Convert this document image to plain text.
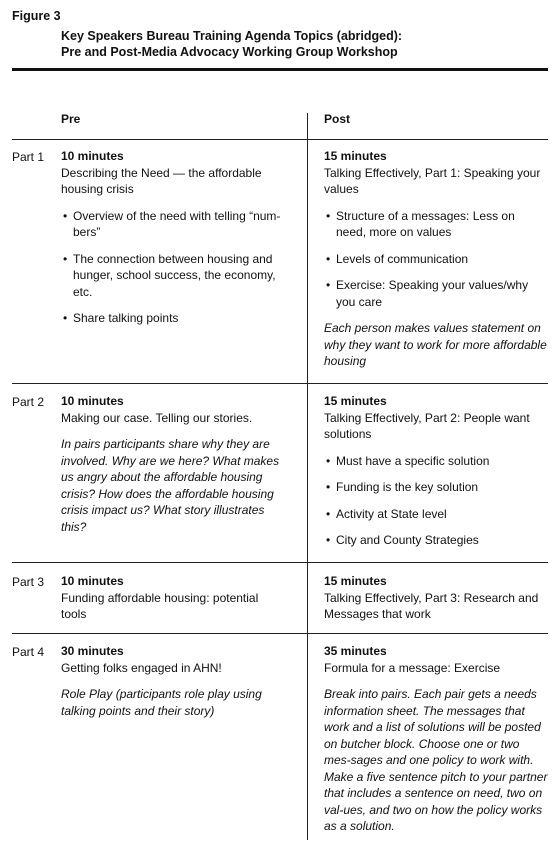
Figure 3
Key Speakers Bureau Training Agenda Topics (abridged):
Pre and Post-Media Advocacy Working Group Workshop
Pre	Post
Part 1 10 minutes
Describing the Need — the affordable housing crisis
• Overview of the need with telling “num-bers”
• The connection between housing and hunger, school success, the economy, etc.
• Share talking points
15 minutes
Talking Effectively, Part 1: Speaking your values
• Structure of a messages: Less on need, more on values
• Levels of communication
• Exercise: Speaking your values/why you care
Each person makes values statement on why they want to work for more affordable housing
Part 2 10 minutes
Making our case. Telling our stories.
In pairs participants share why they are involved. Why are we here? What makes us angry about the affordable housing crisis? How does the affordable housing crisis impact us? What story illustrates this?
15 minutes
Talking Effectively, Part 2: People want solutions
• Must have a specific solution
• Funding is the key solution
• Activity at State level
• City and County Strategies
Part 3 10 minutes
Funding affordable housing: potential tools
15 minutes
Talking Effectively, Part 3: Research and Messages that work
Part 4 30 minutes
Getting folks engaged in AHN!
Role Play (participants role play using talking points and their story)
35 minutes
Formula for a message: Exercise
Break into pairs. Each pair gets a needs information sheet. The messages that work and a list of solutions will be posted on butcher block. Choose one or two mes-sages and one policy to work with. Make a five sentence pitch to your partner that includes a sentence on need, two on val-ues, and two on how the policy works as a solution.
